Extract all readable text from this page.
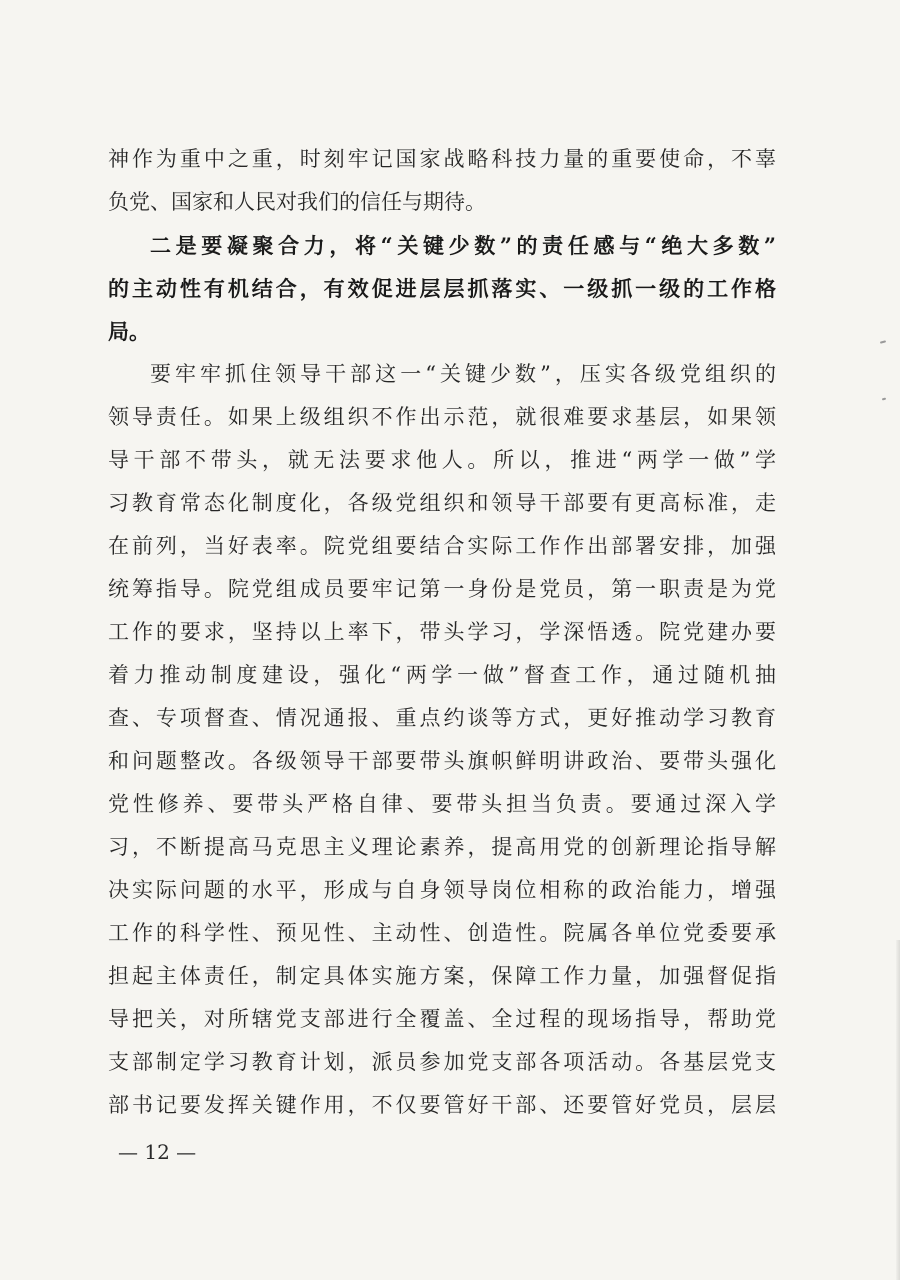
神作为重中之重，时刻牢记国家战略科技力量的重要使命，不辜
负党、国家和人民对我们的信任与期待。
二是要凝聚合力，将“关键少数”的责任感与“绝大多数”
的主动性有机结合，有效促进层层抓落实、一级抓一级的工作格
局。
要牢牢抓住领导干部这一“关键少数”，压实各级党组织的
领导责任。如果上级组织不作出示范，就很难要求基层，如果领
导干部不带头，就无法要求他人。所以，推进“两学一做”学
习教育常态化制度化，各级党组织和领导干部要有更高标准，走
在前列，当好表率。院党组要结合实际工作作出部署安排，加强
统筹指导。院党组成员要牢记第一身份是党员，第一职责是为党
工作的要求，坚持以上率下，带头学习，学深悟透。院党建办要
着力推动制度建设，强化“两学一做”督查工作，通过随机抽
查、专项督查、情况通报、重点约谈等方式，更好推动学习教育
和问题整改。各级领导干部要带头旗帜鲜明讲政治、要带头强化
党性修养、要带头严格自律、要带头担当负责。要通过深入学
习，不断提高马克思主义理论素养，提高用党的创新理论指导解
决实际问题的水平，形成与自身领导岗位相称的政治能力，增强
工作的科学性、预见性、主动性、创造性。院属各单位党委要承
担起主体责任，制定具体实施方案，保障工作力量，加强督促指
导把关，对所辖党支部进行全覆盖、全过程的现场指导，帮助党
支部制定学习教育计划，派员参加党支部各项活动。各基层党支
部书记要发挥关键作用，不仅要管好干部、还要管好党员，层层
— 12 —
